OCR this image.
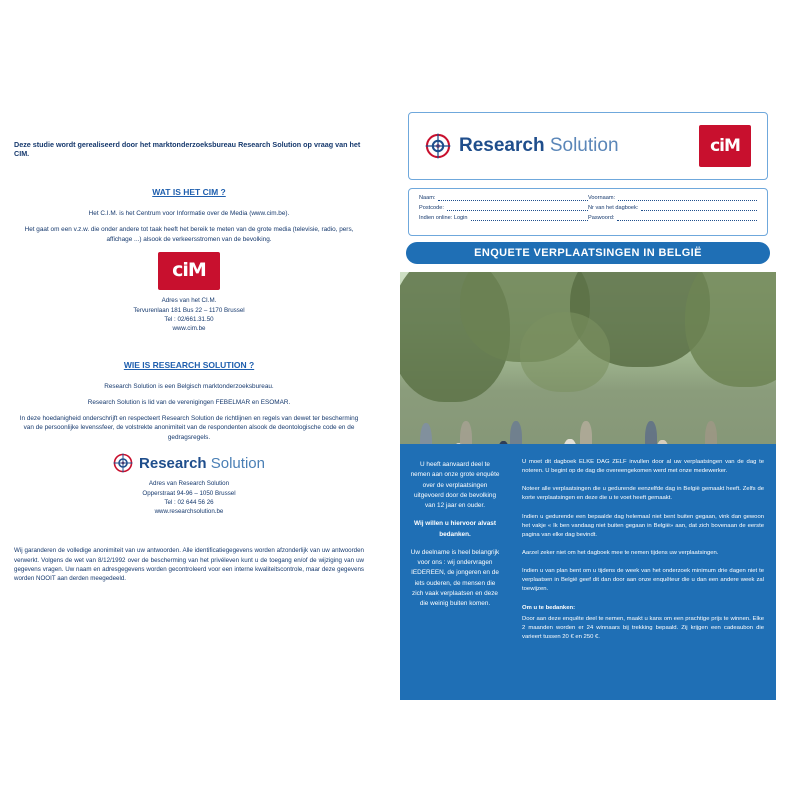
Deze studie wordt gerealiseerd door het marktonderzoeksbureau Research Solution op vraag van het CIM.
WAT IS HET CIM ?

Het C.I.M. is het Centrum voor Informatie over de Media (www.cim.be).

Het gaat om een v.z.w. die onder andere tot taak heeft het bereik te meten van de grote media (televisie, radio, pers, affichage ...) alsook de verkeersstromen van de bevolking.

ciM
Adres van het CI.M.
Tervurenlaan 181 Bus 22 – 1170 Brussel
Tel : 02/661.31.50
www.cim.be
WIE IS RESEARCH SOLUTION ?

Research Solution is een Belgisch marktonderzoeksbureau.

Research Solution is lid van de verenigingen FEBELMAR en ESOMAR.

In deze hoedanigheid onderschrijft en respecteert Research Solution de richtlijnen en regels van dewet ter bescherming van de persoonlijke levenssfeer, de volstrekte anonimiteit van de respondenten alsook de deontologische code en de gedragsregels.

Research Solution
Adres van Research Solution
Opperstraat 94-96 – 1050 Brussel
Tel : 02 644 56 26
www.researchsolution.be
Wij garanderen de volledige anonimiteit van uw antwoorden. Alle identificatiegegevens worden afzonderlijk van uw antwoorden verwerkt. Volgens de wet van 8/12/1992 over de bescherming van het privéleven kunt u de toegang en/of de wijziging van uw gegevens vragen. Uw naam en adresgegevens worden gecontroleerd voor een interne kwaliteitscontrole, maar deze gegevens worden NOOIT aan derden meegedeeld.
Research Solution	ciM
Naam:	Voornaam:
Postcode:	Nr van het dagboek:
Indien online: Login	Paswoord:
ENQUETE VERPLAATSINGEN IN BELGIË

U heeft aanvaard deel te nemen aan onze grote enquête over de verplaatsingen uitgevoerd door de bevolking van 12 jaar en ouder.

Wij willen u hiervoor alvast bedanken.

Uw deelname is heel belangrijk voor ons : wij ondervragen IEDEREEN, de jongeren en de iets ouderen, de mensen die zich vaak verplaatsen en deze die weinig buiten komen.

U moet dit dagboek ELKE DAG ZELF invullen door al uw verplaatsingen van de dag te noteren. U begint op de dag die overeengekomen werd met onze medewerker.

Noteer alle verplaatsingen die u gedurende eenzelfde dag in België gemaakt heeft. Zelfs de korte verplaatsingen en deze die u te voet heeft gemaakt.

Indien u gedurende een bepaalde dag helemaal niet bent buiten gegaan, vink dan gewoon het vakje « Ik ben vandaag niet buiten gegaan in België» aan, dat zich bovenaan de eerste pagina van elke dag bevindt.

Aarzel zeker niet om het dagboek mee te nemen tijdens uw verplaatsingen.

Indien u van plan bent om u tijdens de week van het onderzoek minimum drie dagen niet te verplaatsen in België geef dit dan door aan onze enquêteur die u dan een andere week zal toewijzen.

Om u te bedanken:

Door aan deze enquête deel te nemen, maakt u kans om een prachtige prijs te winnen. Elke 2 maanden worden er 24 winnaars bij trekking bepaald. Zij krijgen een cadeaubon die varieert tussen 20 € en 250 €.
